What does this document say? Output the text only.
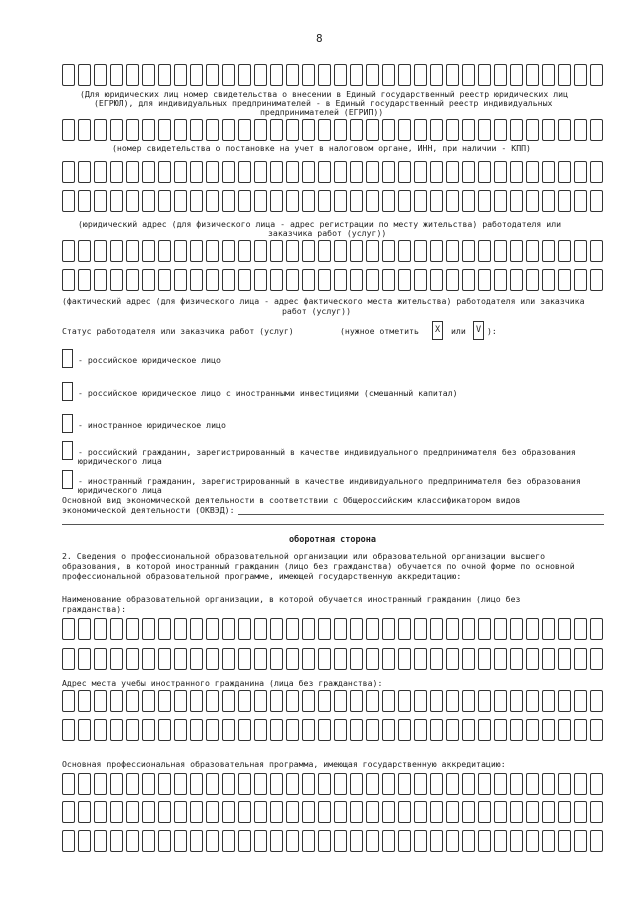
8
(Для юридических лиц номер свидетельства о внесении в Единый государственный реестр юридических лиц
(ЕГРЮЛ), для индивидуальных предпринимателей - в Единый государственный реестр индивидуальных
предпринимателей (ЕГРИП))
(номер свидетельства о постановке на учет в налоговом органе, ИНН, при наличии - КПП)
(юридический адрес (для физического лица - адрес регистрации по месту жительства) работодателя или
заказчика работ (услуг))
(фактический адрес (для физического лица - адрес фактического места жительства) работодателя или заказчика
работ (услуг))
Статус работодателя или заказчика работ (услуг)	(нужное отметить	X	или	V ):
- российское юридическое лицо
- российское юридическое лицо с иностранными инвестициями (смешанный капитал)
- иностранное юридическое лицо
- российский гражданин, зарегистрированный в качестве индивидуального предпринимателя без образования
юридического лица
- иностранный гражданин, зарегистрированный в качестве индивидуального предпринимателя без образования
юридического лица
Основной вид экономической деятельности в соответствии с Общероссийским классификатором видов
экономической деятельности (ОКВЭД):
оборотная сторона
2. Сведения о профессиональной образовательной организации или образовательной организации высшего
образования, в которой иностранный гражданин (лицо без гражданства) обучается по очной форме по основной
профессиональной образовательной программе, имеющей государственную аккредитацию:
Наименование образовательной организации, в которой обучается иностранный гражданин (лицо без
гражданства):
Адрес места учебы иностранного гражданина (лица без гражданства):
Основная профессиональная образовательная программа, имеющая государственную аккредитацию:
